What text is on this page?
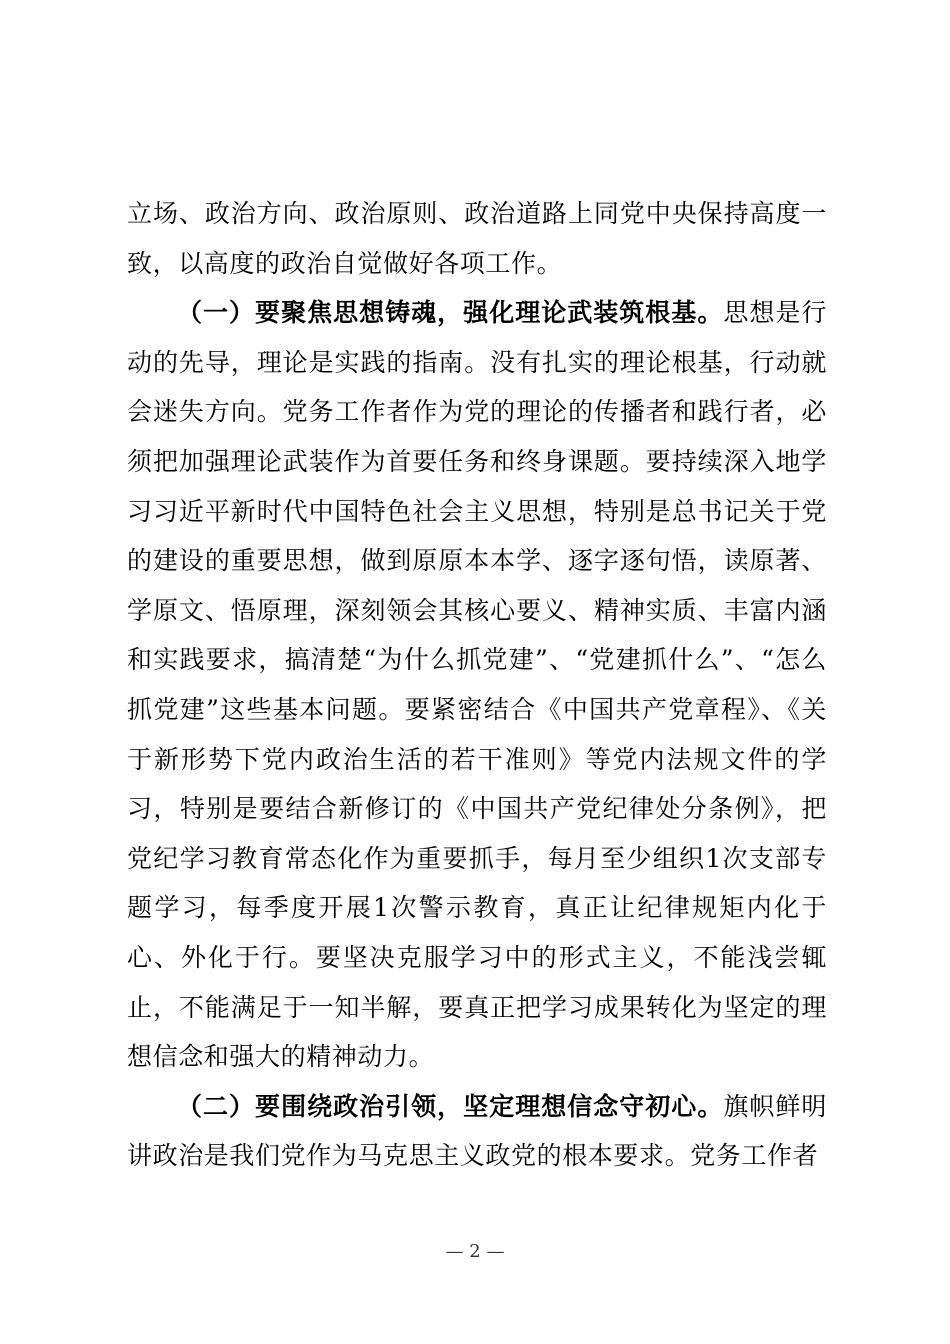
立场、政治方向、政治原则、政治道路上同党中央保持高度一致，以高度的政治自觉做好各项工作。

（一）要聚焦思想铸魂，强化理论武装筑根基。思想是行动的先导，理论是实践的指南。没有扎实的理论根基，行动就会迷失方向。党务工作者作为党的理论的传播者和践行者，必须把加强理论武装作为首要任务和终身课题。要持续深入地学习习近平新时代中国特色社会主义思想，特别是总书记关于党的建设的重要思想，做到原原本本学、逐字逐句悟，读原著、学原文、悟原理，深刻领会其核心要义、精神实质、丰富内涵和实践要求，搞清楚“为什么抓党建”、“党建抓什么”、“怎么抓党建”这些基本问题。要紧密结合《中国共产党章程》、《关于新形势下党内政治生活的若干准则》等党内法规文件的学习，特别是要结合新修订的《中国共产党纪律处分条例》，把党纪学习教育常态化作为重要抓手，每月至少组织1次支部专题学习，每季度开展1次警示教育，真正让纪律规矩内化于心、外化于行。要坚决克服学习中的形式主义，不能浅尝辄止，不能满足于一知半解，要真正把学习成果转化为坚定的理想信念和强大的精神动力。

（二）要围绕政治引领，坚定理想信念守初心。旗帜鲜明讲政治是我们党作为马克思主义政党的根本要求。党务工作者

— 2 —
